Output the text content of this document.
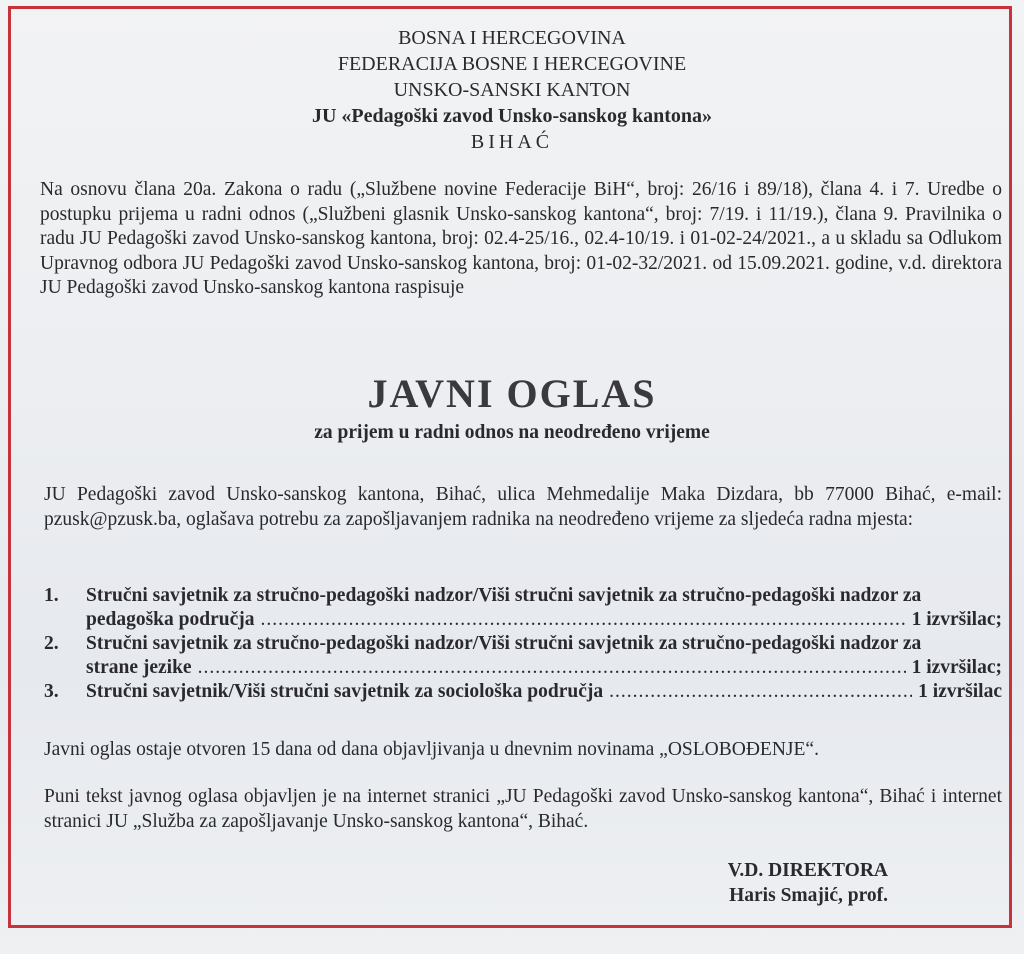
BOSNA I HERCEGOVINA
FEDERACIJA BOSNE I HERCEGOVINE
UNSKO-SANSKI KANTON
JU «Pedagoški zavod Unsko-sanskog kantona»
BIHAĆ
Na osnovu člana 20a. Zakona o radu („Službene novine Federacije BiH“, broj: 26/16 i 89/18), člana 4. i 7. Uredbe o postupku prijema u radni odnos („Službeni glasnik Unsko-sanskog kantona“, broj: 7/19. i 11/19.), člana 9. Pravilnika o radu JU Pedagoški zavod Unsko-sanskog kantona, broj: 02.4-25/16., 02.4-10/19. i 01-02-24/2021., a u skladu sa Odlukom Upravnog odbora JU Pedagoški zavod Unsko-sanskog kantona, broj: 01-02-32/2021. od 15.09.2021. godine, v.d. direktora JU Pedagoški zavod Unsko-sanskog kantona raspisuje
JAVNI OGLAS
za prijem u radni odnos na neodređeno vrijeme
JU Pedagoški zavod Unsko-sanskog kantona, Bihać, ulica Mehmedalije Maka Dizdara, bb 77000 Bihać, e-mail: pzusk@pzusk.ba, oglašava potrebu za zapošljavanjem radnika na neodređeno vrijeme za sljedeća radna mjesta:
1. Stručni savjetnik za stručno-pedagoški nadzor/Viši stručni savjetnik za stručno-pedagoški nadzor za
pedagoška područja .....	1 izvršilac;
2. Stručni savjetnik za stručno-pedagoški nadzor/Viši stručni savjetnik za stručno-pedagoški nadzor za
strane jezike .....	1 izvršilac;
3. Stručni savjetnik/Viši stručni savjetnik za sociološka područja .....	1 izvršilac
Javni oglas ostaje otvoren 15 dana od dana objavljivanja u dnevnim novinama „OSLOBOĐENJE“.
Puni tekst javnog oglasa objavljen je na internet stranici „JU Pedagoški zavod Unsko-sanskog kantona“, Bihać i internet stranici JU „Služba za zapošljavanje Unsko-sanskog kantona“, Bihać.
V.D. DIREKTORA
Haris Smajić, prof.
